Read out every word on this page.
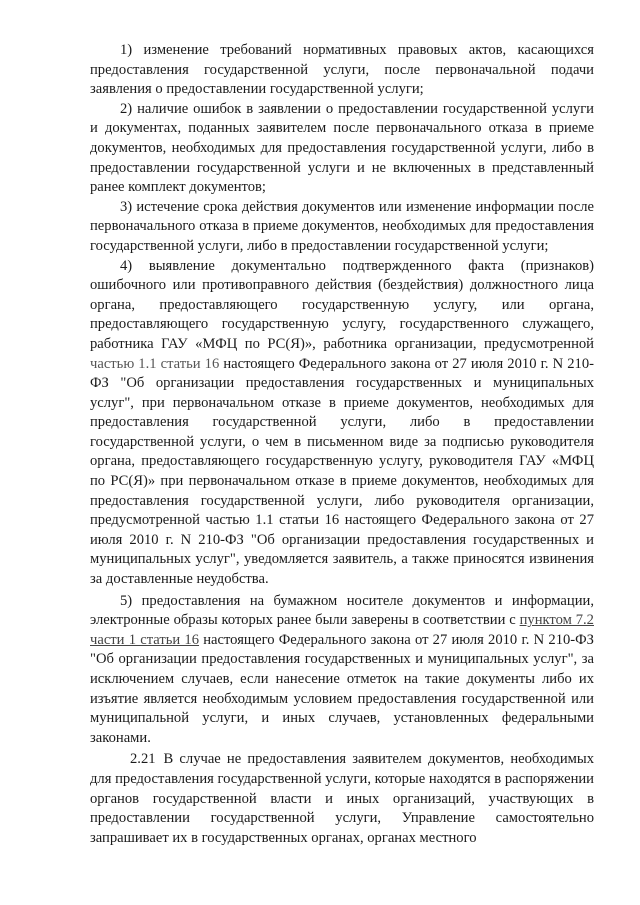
1) изменение требований нормативных правовых актов, касающихся предоставления государственной услуги, после первоначальной подачи заявления о предоставлении государственной услуги;

2) наличие ошибок в заявлении о предоставлении государственной услуги и документах, поданных заявителем после первоначального отказа в приеме документов, необходимых для предоставления государственной услуги, либо в предоставлении государственной услуги и не включенных в представленный ранее комплект документов;

3) истечение срока действия документов или изменение информации после первоначального отказа в приеме документов, необходимых для предоставления государственной услуги, либо в предоставлении государственной услуги;

4) выявление документально подтвержденного факта (признаков) ошибочного или противоправного действия (бездействия) должностного лица органа, предоставляющего государственную услугу, или органа, предоставляющего государственную услугу, государственного служащего, работника ГАУ «МФЦ по РС(Я)», работника организации, предусмотренной частью 1.1 статьи 16 настоящего Федерального закона от 27 июля 2010 г. N 210-ФЗ "Об организации предоставления государственных и муниципальных услуг", при первоначальном отказе в приеме документов, необходимых для предоставления государственной услуги, либо в предоставлении государственной услуги, о чем в письменном виде за подписью руководителя органа, предоставляющего государственную услугу, руководителя ГАУ «МФЦ по РС(Я)» при первоначальном отказе в приеме документов, необходимых для предоставления государственной услуги, либо руководителя организации, предусмотренной частью 1.1 статьи 16 настоящего Федерального закона от 27 июля 2010 г. N 210-ФЗ "Об организации предоставления государственных и муниципальных услуг", уведомляется заявитель, а также приносятся извинения за доставленные неудобства.

5) предоставления на бумажном носителе документов и информации, электронные образы которых ранее были заверены в соответствии с пунктом 7.2 части 1 статьи 16 настоящего Федерального закона от 27 июля 2010 г. N 210-ФЗ "Об организации предоставления государственных и муниципальных услуг", за исключением случаев, если нанесение отметок на такие документы либо их изъятие является необходимым условием предоставления государственной или муниципальной услуги, и иных случаев, установленных федеральными законами.

2.21 В случае не предоставления заявителем документов, необходимых для предоставления государственной услуги, которые находятся в распоряжении органов государственной власти и иных организаций, участвующих в предоставлении государственной услуги, Управление самостоятельно запрашивает их в государственных органах, органах местного
